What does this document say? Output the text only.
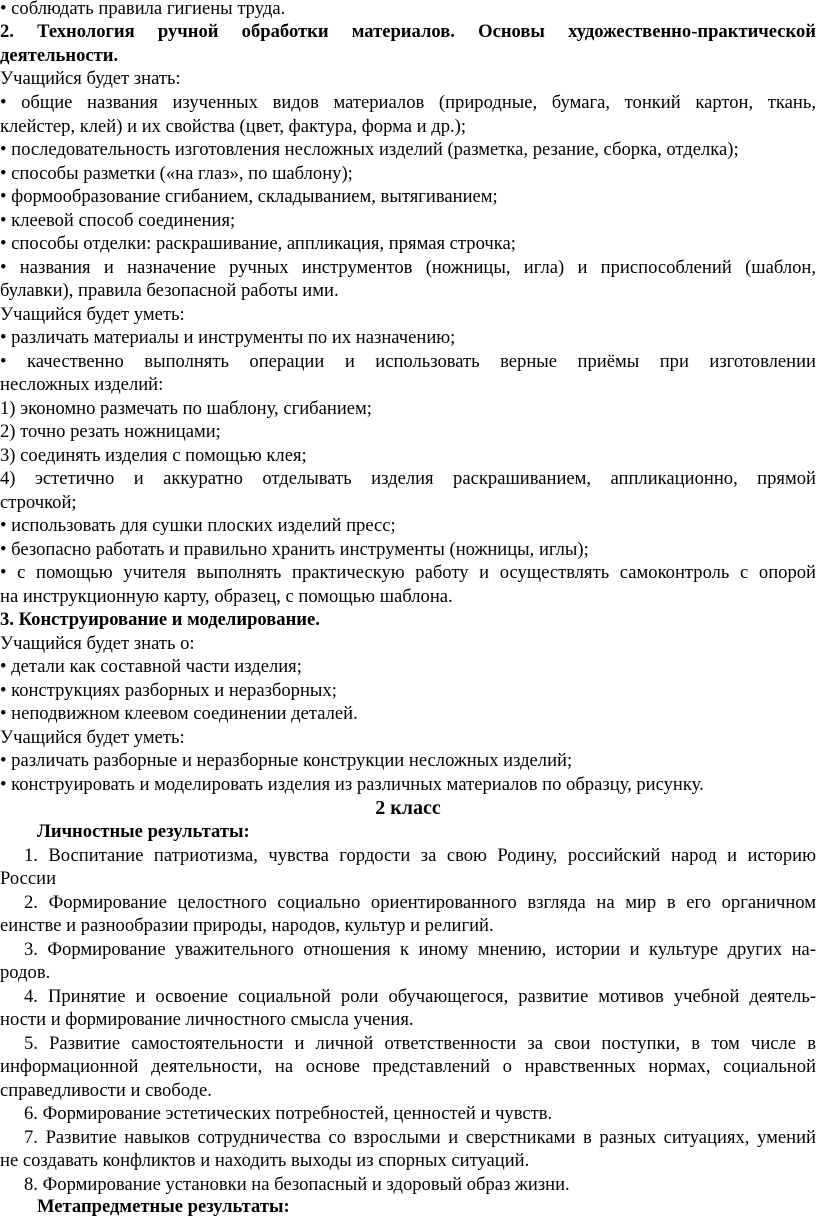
• соблюдать правила гигиены труда.
2. Технология ручной обработки материалов. Основы художественно-практической
деятельности.
Учащийся будет знать:
• общие названия изученных видов материалов (природные, бумага, тонкий картон, ткань,
клейстер, клей) и их свойства (цвет, фактура, форма и др.);
• последовательность изготовления несложных изделий (разметка, резание, сборка, отделка);
• способы разметки («на глаз», по шаблону);
• формообразование сгибанием, складыванием, вытягиванием;
• клеевой способ соединения;
• способы отделки: раскрашивание, аппликация, прямая строчка;
• названия и назначение ручных инструментов (ножницы, игла) и приспособлений (шаблон,
булавки), правила безопасной работы ими.
Учащийся будет уметь:
• различать материалы и инструменты по их назначению;
• качественно выполнять операции и использовать верные приёмы при изготовлении
несложных изделий:
1) экономно размечать по шаблону, сгибанием;
2) точно резать ножницами;
3) соединять изделия с помощью клея;
4) эстетично и аккуратно отделывать изделия раскрашиванием, аппликационно, прямой
строчкой;
• использовать для сушки плоских изделий пресс;
• безопасно работать и правильно хранить инструменты (ножницы, иглы);
• с помощью учителя выполнять практическую работу и осуществлять самоконтроль с опорой
на инструкционную карту, образец, с помощью шаблона.
3. Конструирование и моделирование.
Учащийся будет знать о:
• детали как составной части изделия;
• конструкциях разборных и неразборных;
• неподвижном клеевом соединении деталей.
Учащийся будет уметь:
• различать разборные и неразборные конструкции несложных изделий;
• конструировать и моделировать изделия из различных материалов по образцу, рисунку.
2 класс
Личностные результаты:
1. Воспитание патриотизма, чувства гордости за свою Родину, российский народ и историю
России
2. Формирование целостного социально ориентированного взгляда на мир в его органичном
еинстве и разнообразии природы, народов, культур и религий.
3. Формирование уважительного отношения к иному мнению, истории и культуре других на-
родов.
4. Принятие и освоение социальной роли обучающегося, развитие мотивов учебной деятель-
ности и формирование личностного смысла учения.
5. Развитие самостоятельности и личной ответственности за свои поступки, в том числе в
информационной деятельности, на основе представлений о нравственных нормах, социальной
справедливости и свободе.
6. Формирование эстетических потребностей, ценностей и чувств.
7. Развитие навыков сотрудничества со взрослыми и сверстниками в разных ситуациях, умений
не создавать конфликтов и находить выходы из спорных ситуаций.
8. Формирование установки на безопасный и здоровый образ жизни.
Метапредметные результаты:
